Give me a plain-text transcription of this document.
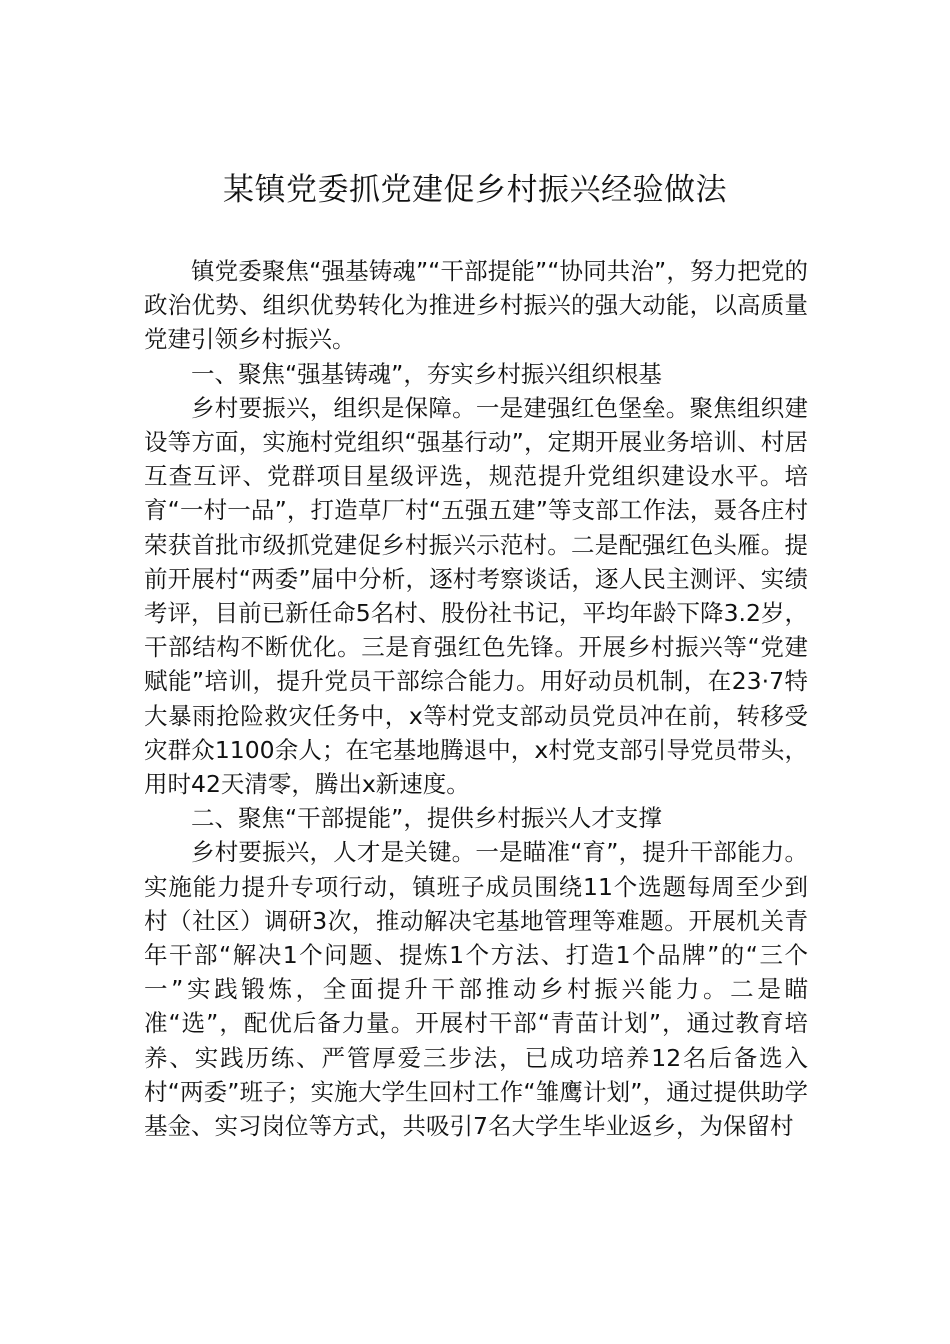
某镇党委抓党建促乡村振兴经验做法

镇党委聚焦“强基铸魂”“干部提能”“协同共治”，努力把党的政治优势、组织优势转化为推进乡村振兴的强大动能，以高质量党建引领乡村振兴。

一、聚焦“强基铸魂”，夯实乡村振兴组织根基

乡村要振兴，组织是保障。一是建强红色堡垒。聚焦组织建设等方面，实施村党组织“强基行动”，定期开展业务培训、村居互查互评、党群项目星级评选，规范提升党组织建设水平。培育“一村一品”，打造草厂村“五强五建”等支部工作法，聂各庄村荣获首批市级抓党建促乡村振兴示范村。二是配强红色头雁。提前开展村“两委”届中分析，逐村考察谈话，逐人民主测评、实绩考评，目前已新任命5名村、股份社书记，平均年龄下降3.2岁，干部结构不断优化。三是育强红色先锋。开展乡村振兴等“党建赋能”培训，提升党员干部综合能力。用好动员机制，在23·7特大暴雨抢险救灾任务中，x等村党支部动员党员冲在前，转移受灾群众1100余人；在宅基地腾退中，x村党支部引导党员带头，用时42天清零，腾出x新速度。

二、聚焦“干部提能”，提供乡村振兴人才支撑

乡村要振兴，人才是关键。一是瞄准“育”，提升干部能力。实施能力提升专项行动，镇班子成员围绕11个选题每周至少到村（社区）调研3次，推动解决宅基地管理等难题。开展机关青年干部“解决1个问题、提炼1个方法、打造1个品牌”的“三个一”实践锻炼，全面提升干部推动乡村振兴能力。二是瞄准“选”，配优后备力量。开展村干部“青苗计划”，通过教育培养、实践历练、严管厚爱三步法，已成功培养12名后备选入村“两委”班子；实施大学生回村工作“雏鹰计划”，通过提供助学基金、实习岗位等方式，共吸引7名大学生毕业返乡，为保留村
